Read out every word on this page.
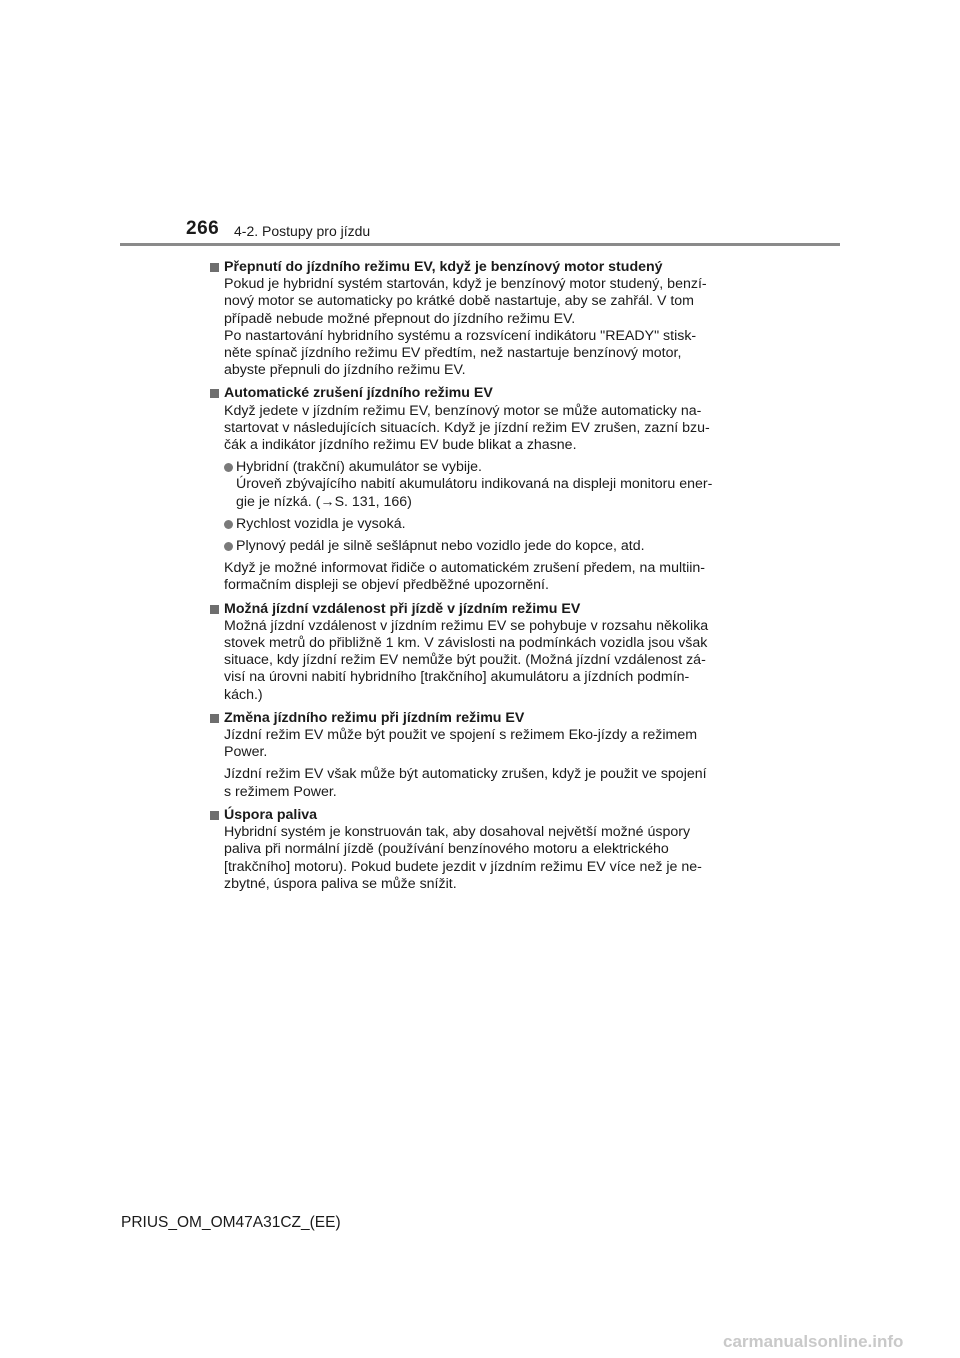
266 4-2. Postupy pro jízdu
Přepnutí do jízdního režimu EV, když je benzínový motor studený

Pokud je hybridní systém startován, když je benzínový motor studený, benzí-
nový motor se automaticky po krátké době nastartuje, aby se zahřál. V tom
případě nebude možné přepnout do jízdního režimu EV.
Po nastartování hybridního systému a rozsvícení indikátoru "READY" stisk-
něte spínač jízdního režimu EV předtím, než nastartuje benzínový motor,
abyste přepnuli do jízdního režimu EV.

Automatické zrušení jízdního režimu EV

Když jedete v jízdním režimu EV, benzínový motor se může automaticky na-
startovat v následujících situacích. Když je jízdní režim EV zrušen, zazní bzu-
čák a indikátor jízdního režimu EV bude blikat a zhasne.

Hybridní (trakční) akumulátor se vybije.
Úroveň zbývajícího nabití akumulátoru indikovaná na displeji monitoru ener-
gie je nízká. (→S. 131, 166)
Rychlost vozidla je vysoká.
Plynový pedál je silně sešlápnut nebo vozidlo jede do kopce, atd.

Když je možné informovat řidiče o automatickém zrušení předem, na multiin-
formačním displeji se objeví předběžné upozornění.

Možná jízdní vzdálenost při jízdě v jízdním režimu EV

Možná jízdní vzdálenost v jízdním režimu EV se pohybuje v rozsahu několika
stovek metrů do přibližně 1 km. V závislosti na podmínkách vozidla jsou však
situace, kdy jízdní režim EV nemůže být použit. (Možná jízdní vzdálenost zá-
visí na úrovni nabití hybridního [trakčního] akumulátoru a jízdních podmín-
kách.)

Změna jízdního režimu při jízdním režimu EV

Jízdní režim EV může být použit ve spojení s režimem Eko-jízdy a režimem
Power.

Jízdní režim EV však může být automaticky zrušen, když je použit ve spojení
s režimem Power.

Úspora paliva

Hybridní systém je konstruován tak, aby dosahoval největší možné úspory
paliva při normální jízdě (používání benzínového motoru a elektrického
[trakčního] motoru). Pokud budete jezdit v jízdním režimu EV více než je ne-
zbytné, úspora paliva se může snížit.

PRIUS_OM_OM47A31CZ_(EE)
carmanualsonline.info
